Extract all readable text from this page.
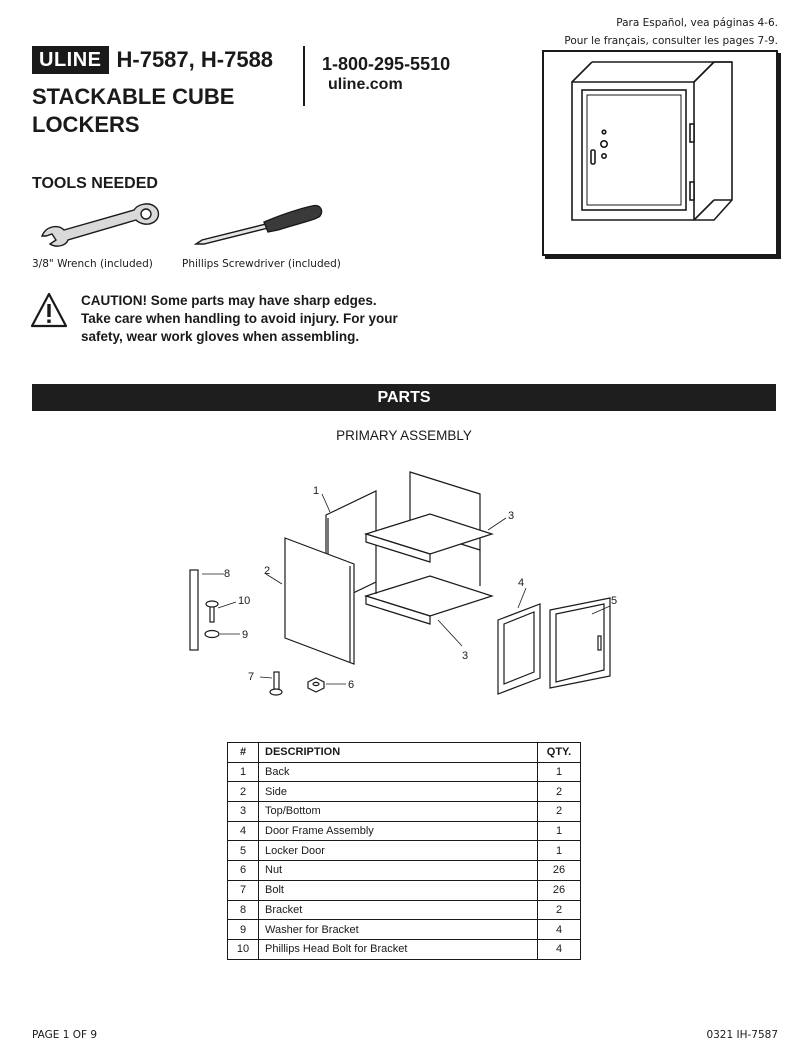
Para Español, vea páginas 4-6.
Pour le français, consulter les pages 7-9.
ULINE H-7587, H-7588
STACKABLE CUBE
LOCKERS
1-800-295-5510
uline.com
TOOLS NEEDED
3/8" Wrench (included)	Phillips Screwdriver (included)
CAUTION! Some parts may have sharp edges.
Take care when handling to avoid injury. For your
safety, wear work gloves when assembling.
PARTS
PRIMARY ASSEMBLY
1
2
3
3
4
5
6
7
8
9
10
#	DESCRIPTION	QTY.
1	Back	1
2	Side	2
3	Top/Bottom	2
4	Door Frame Assembly	1
5	Locker Door	1
6	Nut	26
7	Bolt	26
8	Bracket	2
9	Washer for Bracket	4
10	Phillips Head Bolt for Bracket	4
PAGE 1 OF 9	0321 IH-7587
